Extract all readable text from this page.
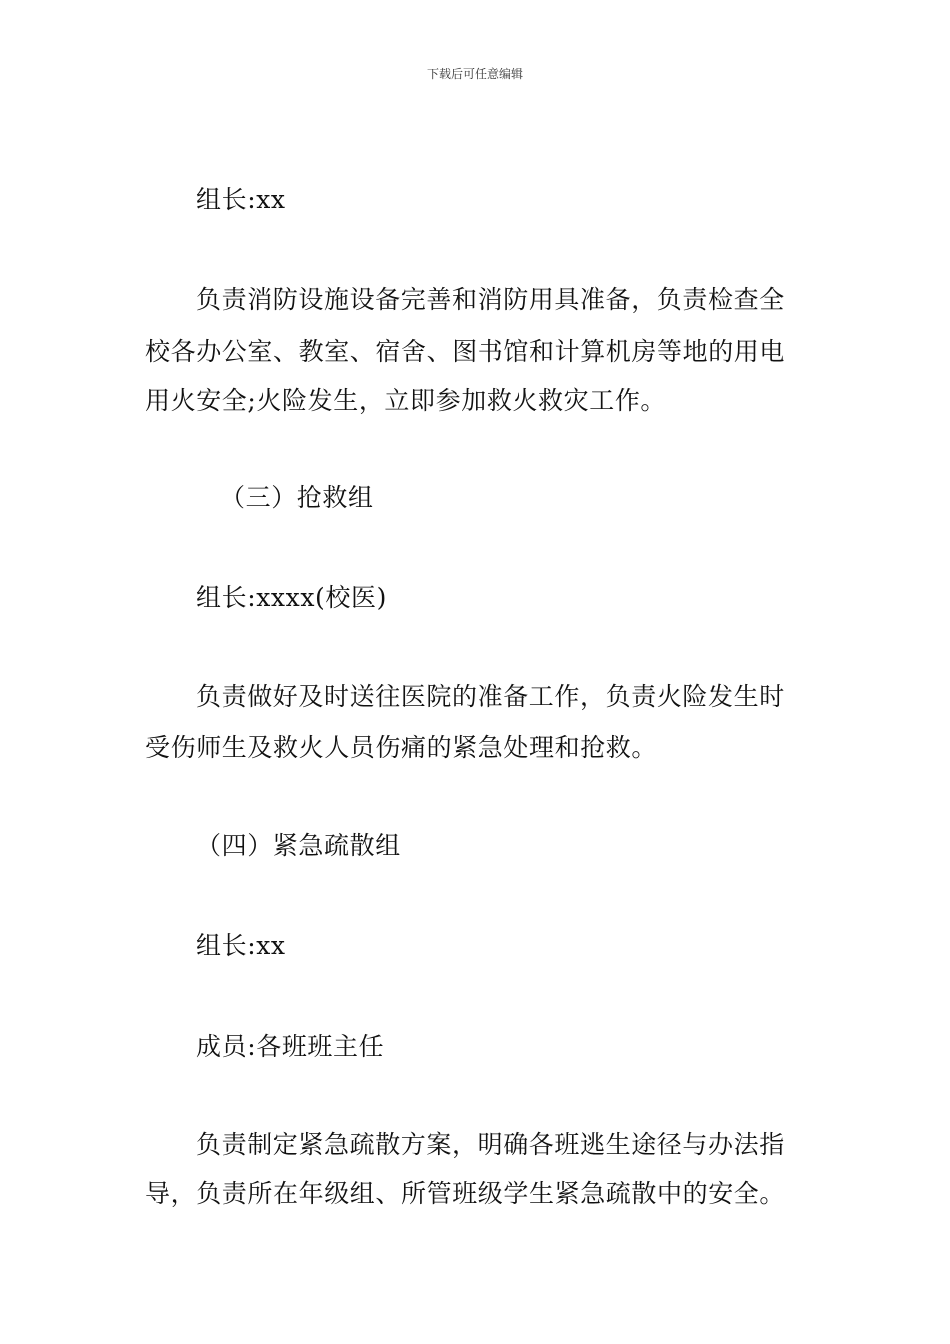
下载后可任意编辑
组长:xx
负责消防设施设备完善和消防用具准备，负责检查全
校各办公室、教室、宿舍、图书馆和计算机房等地的用电
用火安全;火险发生，立即参加救火救灾工作。
（三）抢救组
组长:xxxx(校医)
负责做好及时送往医院的准备工作，负责火险发生时
受伤师生及救火人员伤痛的紧急处理和抢救。
（四）紧急疏散组
组长:xx
成员:各班班主任
负责制定紧急疏散方案，明确各班逃生途径与办法指
导，负责所在年级组、所管班级学生紧急疏散中的安全。
